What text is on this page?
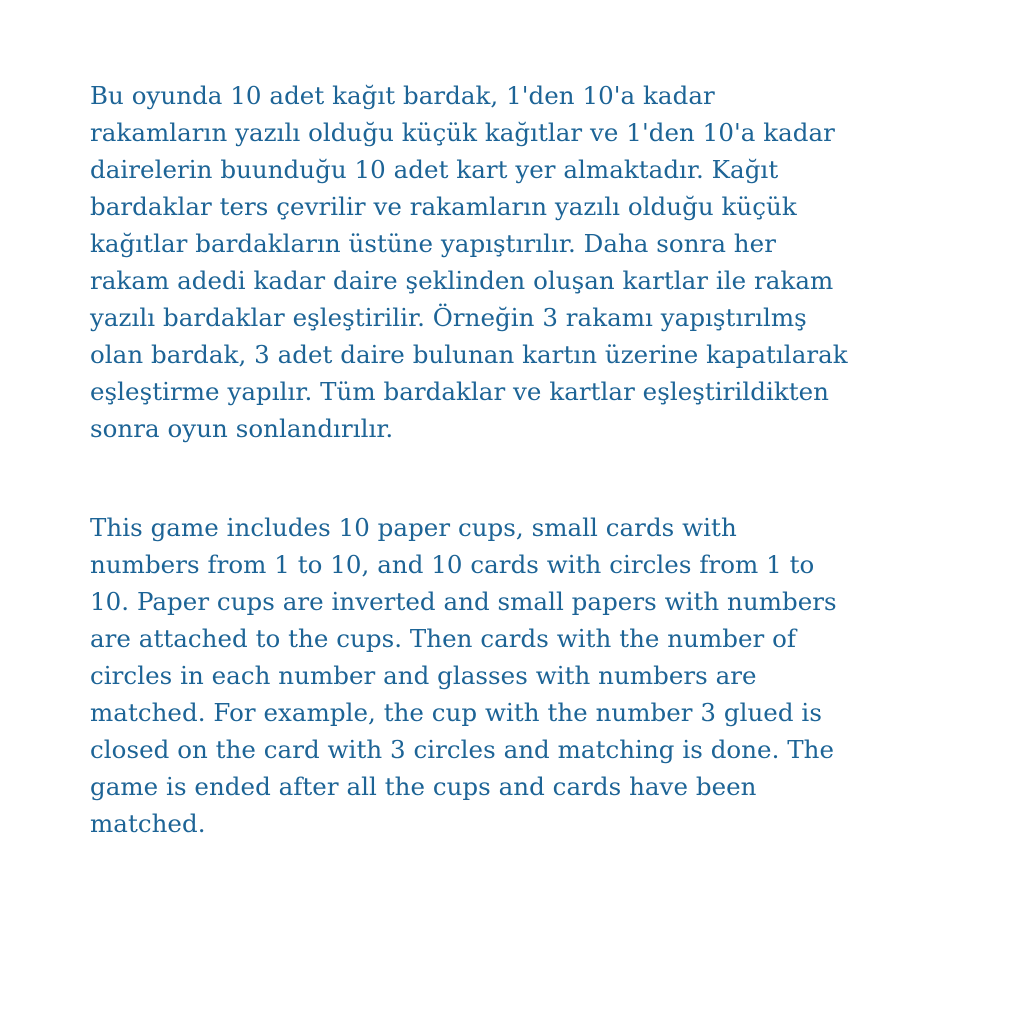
Bu oyunda 10 adet kağıt bardak, 1'den 10'a kadar
rakamların yazılı olduğu küçük kağıtlar ve 1'den 10'a kadar
dairelerin buunduğu 10 adet kart yer almaktadır. Kağıt
bardaklar ters çevrilir ve rakamların yazılı olduğu küçük
kağıtlar bardakların üstüne yapıştırılır. Daha sonra her
rakam adedi kadar daire şeklinden oluşan kartlar ile rakam
yazılı bardaklar eşleştirilir. Örneğin 3 rakamı yapıştırılmş
olan bardak, 3 adet daire bulunan kartın üzerine kapatılarak
eşleştirme yapılır. Tüm bardaklar ve kartlar eşleştirildikten
sonra oyun sonlandırılır.

This game includes 10 paper cups, small cards with
numbers from 1 to 10, and 10 cards with circles from 1 to
10. Paper cups are inverted and small papers with numbers
are attached to the cups. Then cards with the number of
circles in each number and glasses with numbers are
matched. For example, the cup with the number 3 glued is
closed on the card with 3 circles and matching is done. The
game is ended after all the cups and cards have been
matched.
